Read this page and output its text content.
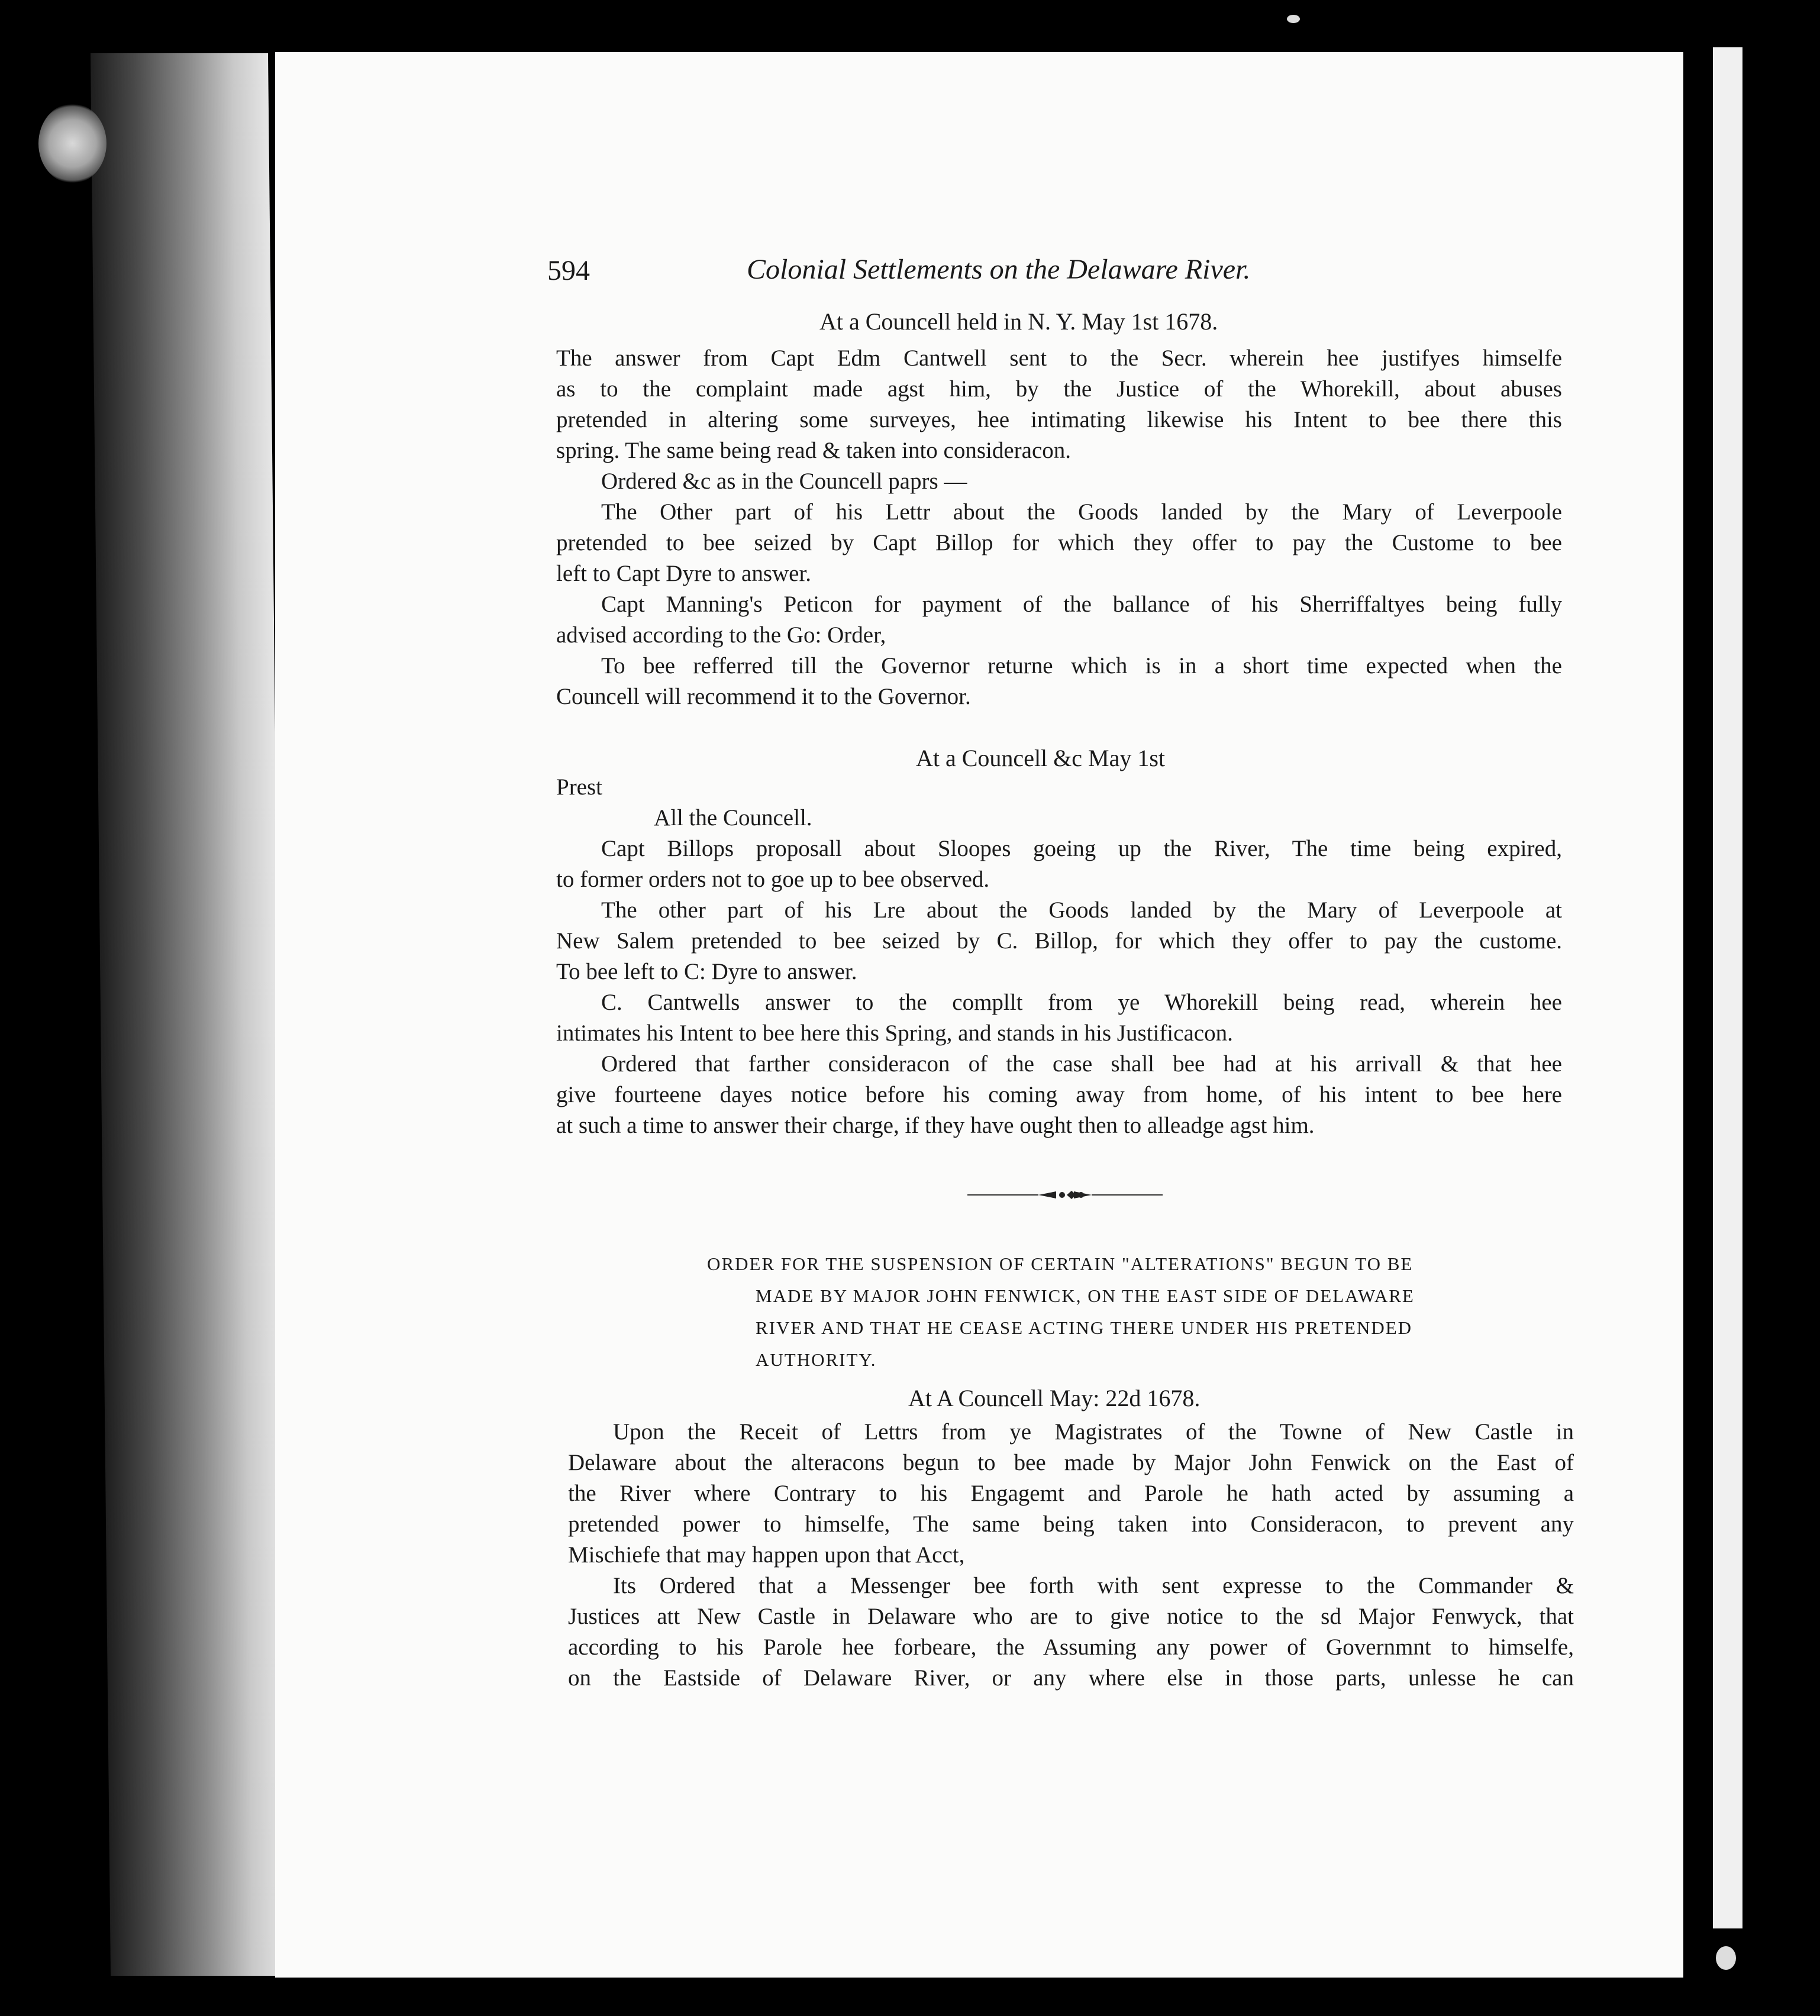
594	Colonial Settlements on the Delaware River.
At a Councell held in N. Y. May 1st 1678.
The answer from Capt Edm Cantwell sent to the Secr. wherein hee justifyes himselfe
as to the complaint made agst him, by the Justice of the Whorekill, about abuses
pretended in altering some surveyes, hee intimating likewise his Intent to bee there this
spring. The same being read & taken into consideracon.
Ordered &c as in the Councell paprs —
The Other part of his Lettr about the Goods landed by the Mary of Leverpoole
pretended to bee seized by Capt Billop for which they offer to pay the Custome to bee
left to Capt Dyre to answer.
Capt Manning's Peticon for payment of the ballance of his Sherriffaltyes being fully
advised according to the Go: Order,
To bee refferred till the Governor returne which is in a short time expected when the
Councell will recommend it to the Governor.
At a Councell &c May 1st
Prest
All the Councell.
Capt Billops proposall about Sloopes goeing up the River, The time being expired,
to former orders not to goe up to bee observed.
The other part of his Lre about the Goods landed by the Mary of Leverpoole at
New Salem pretended to bee seized by C. Billop, for which they offer to pay the custome.
To bee left to C: Dyre to answer.
C. Cantwells answer to the compllt from ye Whorekill being read, wherein hee
intimates his Intent to bee here this Spring, and stands in his Justificacon.
Ordered that farther consideracon of the case shall bee had at his arrivall & that hee
give fourteene dayes notice before his coming away from home, of his intent to bee here
at such a time to answer their charge, if they have ought then to alleadge agst him.
ORDER FOR THE SUSPENSION OF CERTAIN "ALTERATIONS" BEGUN TO BE
MADE BY MAJOR JOHN FENWICK, ON THE EAST SIDE OF DELAWARE
RIVER AND THAT HE CEASE ACTING THERE UNDER HIS PRETENDED
AUTHORITY.
At A Councell May: 22d 1678.
Upon the Receit of Lettrs from ye Magistrates of the Towne of New Castle in
Delaware about the alteracons begun to bee made by Major John Fenwick on the East of
the River where Contrary to his Engagemt and Parole he hath acted by assuming a
pretended power to himselfe, The same being taken into Consideracon, to prevent any
Mischiefe that may happen upon that Acct,
Its Ordered that a Messenger bee forth with sent expresse to the Commander &
Justices att New Castle in Delaware who are to give notice to the sd Major Fenwyck, that
according to his Parole hee forbeare, the Assuming any power of Governmnt to himselfe,
on the Eastside of Delaware River, or any where else in those parts, unlesse he can
